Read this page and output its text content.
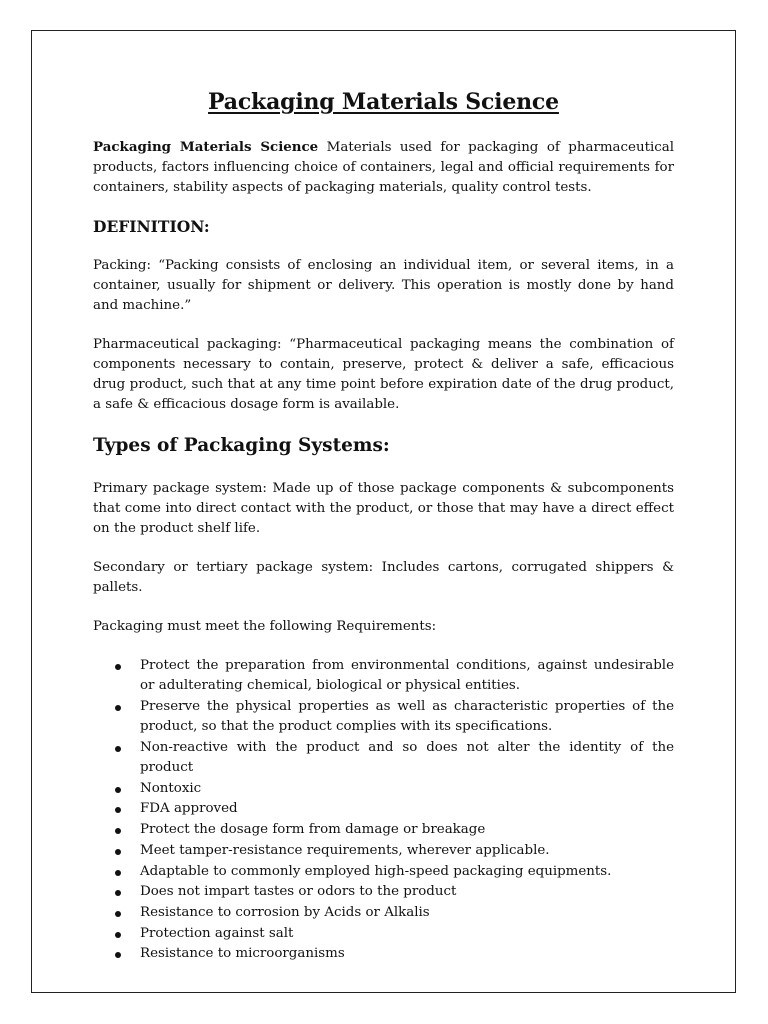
Packaging Materials Science

Packaging Materials Science Materials used for packaging of pharmaceutical products, factors influencing choice of containers, legal and official requirements for containers, stability aspects of packaging materials, quality control tests.

DEFINITION:

Packing: “Packing consists of enclosing an individual item, or several items, in a container, usually for shipment or delivery. This operation is mostly done by hand and machine.”

Pharmaceutical packaging: “Pharmaceutical packaging means the combination of components necessary to contain, preserve, protect & deliver a safe, efficacious drug product, such that at any time point before expiration date of the drug product, a safe & efficacious dosage form is available.

Types of Packaging Systems:

Primary package system: Made up of those package components & subcomponents that come into direct contact with the product, or those that may have a direct effect on the product shelf life.

Secondary or tertiary package system: Includes cartons, corrugated shippers & pallets.

Packaging must meet the following Requirements:

Protect the preparation from environmental conditions, against undesirable or adulterating chemical, biological or physical entities.
Preserve the physical properties as well as characteristic properties of the product, so that the product complies with its specifications.
Non-reactive with the product and so does not alter the identity of the product
Nontoxic
FDA approved
Protect the dosage form from damage or breakage
Meet tamper-resistance requirements, wherever applicable.
Adaptable to commonly employed high-speed packaging equipments.
Does not impart tastes or odors to the product
Resistance to corrosion by Acids or Alkalis
Protection against salt
Resistance to microorganisms
